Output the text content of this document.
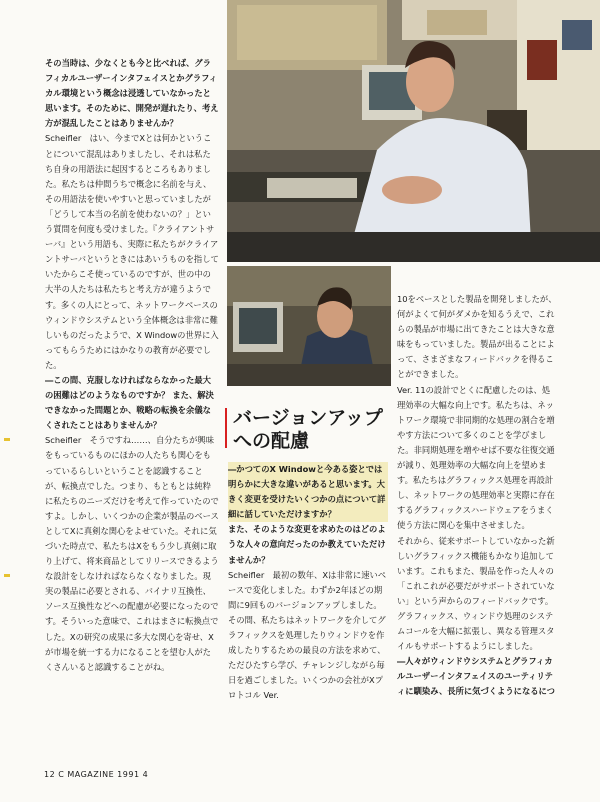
その当時は、少なくとも今と比べれば、グラフィカルユーザーインタフェイスとかグラフィカル環境という概念は浸透していなかったと思います。そのために、開発が遅れたり、考え方が混乱したことはありませんか？

Scheifler　 はい、今までXとは何かということについて混乱はありましたし、それは私たち自身の用語法に起因するところもありました。私たちは仲間うちで概念に名前を与え、その用語法を使いやすいと思っていましたが「どうして本当の名前を使わないの？」という質問を何度も受けました。『クライアントサーバ』という用語も、実際に私たちがクライアントサーバというときにはあいうものを指していたからこそ使っているのですが、世の中の大半の人たちは私たちと考え方が違うようです。多くの人にとって、ネットワークベースのウィンドウシステムという全体概念は非常に難しいものだったようで、X Windowの世界に入ってもらうためにはかなりの教育が必要でした。

―この間、克服しなければならなかった最大の困難はどのようなものですか？ また、解決できなかった問題とか、戦略の転換を余儀なくされたことはありませんか？

Scheifler　 そうですね……、自分たちが興味をもっているものにほかの人たちも関心をもっているらしいということを認識することが、転換点でした。つまり、もともとは純粋に私たちのニーズだけを考えて作っていたのですよ。しかし、いくつかの企業が製品のベースとしてXに真剣な関心をよせていた。それに気づいた時点で、私たちはXをもう少し真剣に取り上げて、将来商品としてリリースできるような設計をしなければならなくなりました。現実の製品に必要とされる、バイナリ互換性、ソース互換性などへの配慮が必要になったのです。そういった意味で、これはまさに転換点でした。Xの研究の成果に多大な関心を寄せ、Xが市場を統一する力になることを望む人がたくさんいると認識することがね。

バージョンアップ
への配慮

―かつてのX Windowと今ある姿とでは明らかに大きな違いがあると思います。大きく変更を受けたいくつかの点について詳細に話していただけますか？

また、そのような変更を求めたのはどのような人々の意向だったのか教えていただけませんか？

Scheifler　 最初の数年、Xは非常に速いペースで変化しました。わずか2年ほどの期間に9回ものバージョンアップしました。その間、私たちはネットワークを介してグラフィックスを処理したりウィンドウを作成したりするための最良の方法を求めて、ただひたすら学び、チャレンジしながら毎日を過ごしました。いくつかの会社がXプロトコル Ver.

10をベースとした製品を開発しましたが、何がよくて何がダメかを知るうえで、これらの製品が市場に出てきたことは大きな意味をもっていました。製品が出ることによって、さまざまなフィードバックを得ることができました。

Ver. 11の設計でとくに配慮したのは、処理効率の大幅な向上です。私たちは、ネットワーク環境で非同期的な処理の割合を増やす方法について多くのことを学びました。非同期処理を増やせば不要な往復交通が減り、処理効率の大幅な向上を望めます。私たちはグラフィックス処理を再設計し、ネットワークの処理効率と実際に存在するグラフィックスハードウェアをうまく使う方法に関心を集中させました。

それから、従来サポートしていなかった新しいグラフィックス機能もかなり追加しています。これもまた、製品を作った人々の「これこれが必要だがサポートされていない」という声からのフィードバックです。グラフィックス、ウィンドウ処理のシステムコールを大幅に拡張し、異なる管理スタイルもサポートするようにしました。

―人々がウィンドウシステムとグラフィカルユーザーインタフェイスのユーティリティに馴染み、長所に気づくようになるにつ

12 C MAGAZINE 1991 4
